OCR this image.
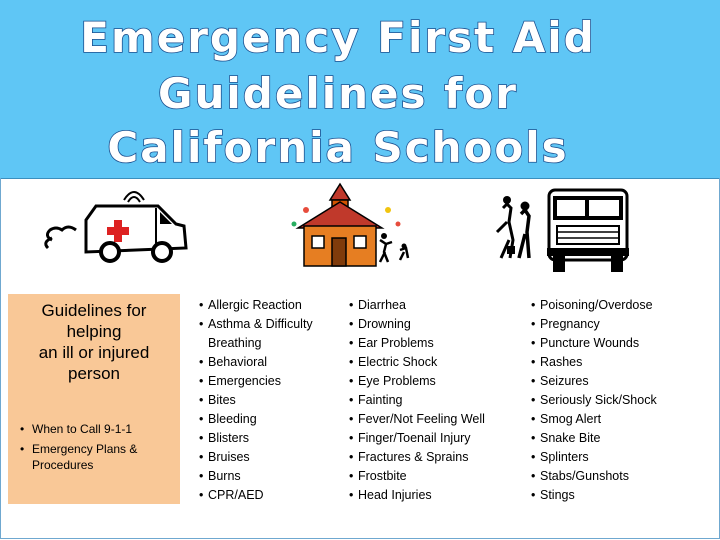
Emergency First Aid
Guidelines for
California Schools
Guidelines for
helping
an ill or injured
person
• When to Call 9-1-1
• Emergency Plans & Procedures
• Allergic Reaction
• Asthma & Difficulty Breathing
• Behavioral
• Emergencies
• Bites
• Bleeding
• Blisters
• Bruises
• Burns
• CPR/AED
• Diarrhea
• Drowning
• Ear Problems
• Electric Shock
• Eye Problems
• Fainting
• Fever/Not Feeling Well
• Finger/Toenail Injury
• Fractures & Sprains
• Frostbite
• Head Injuries
• Poisoning/Overdose
• Pregnancy
• Puncture Wounds
• Rashes
• Seizures
• Seriously Sick/Shock
• Smog Alert
• Snake Bite
• Splinters
• Stabs/Gunshots
• Stings
